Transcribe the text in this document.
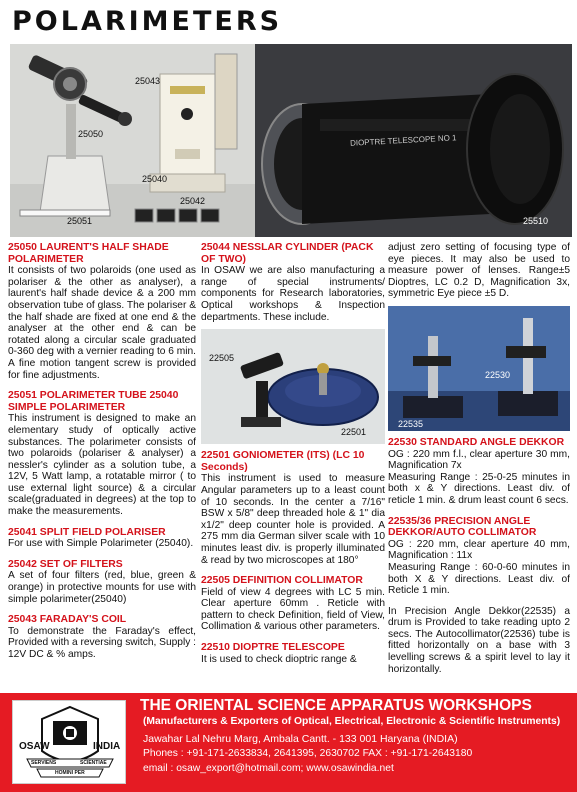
POLARIMETERS
25043
25050
25040
25051
25042
25510
DIOPTRE TELESCOPE NO 1
25050 LAURENT'S HALF SHADE POLARIMETER
It consists of two polaroids (one used as polariser & the other as analyser), a laurent's half shade device & a 200 mm observation tube of glass. The polariser & the half shade are fixed at one end & the analyser at the other end & can be rotated along a circular scale graduated 0-360 deg with a vernier reading to 6 min. A fine motion tangent screw is provided for fine adjustments.
25051 POLARIMETER TUBE 25040 SIMPLE POLARIMETER
This instrument is designed to make an elementary study of optically active substances. The polarimeter consists of two polaroids (polariser & analyser) a nessler's cylinder as a solution tube, a 12V, 5 Watt lamp, a rotatable mirror ( to use external light source) & a circular scale(graduated in degrees) at the top to make the measurements.
25041 SPLIT FIELD POLARISER
For use with Simple Polarimeter (25040).
25042 SET OF FILTERS
A set of four filters (red, blue, green & orange) in protective mounts for use with simple polarimeter(25040)
25043 FARADAY'S COIL
To demonstrate the Faraday's effect, Provided with a reversing switch, Supply : 12V DC & % amps.
25044 NESSLAR CYLINDER (PACK OF TWO)
In OSAW we are also manufacturing a range of special instruments/ components for Research laboratories, Optical workshops & Inspection departments. These include.
22505
22501
22501 GONIOMETER (ITS) (LC 10 Seconds)
This instrument is used to measure Angular parameters up to a least count of 10 seconds. In the center a 7/16" BSW x 5/8" deep threaded hole & 1" dia x1/2" deep counter hole is provided. A 275 mm dia German silver scale with 10 minutes least div. is properly illuminated & read by two microscopes at 180°
22505 DEFINITION COLLIMATOR
Field of view 4 degrees with LC 5 min. Clear aperture 60mm . Reticle with pattern to check Definition, field of View, Collimation & various other parameters.
22510 DIOPTRE TELESCOPE
It is used to check dioptric range &
adjust zero setting of focusing type of eye pieces. It may also be used to measure power of lenses. Range±5 Dioptres, LC 0.2 D, Magnification 3x, symmetric Eye piece ±5 D.
22530
22535
22530 STANDARD ANGLE DEKKOR
OG : 220 mm f.l., clear aperture 30 mm, Magnification 7x
Measuring Range : 25-0-25 minutes in both x & Y directions. Least div. of reticle 1 min. & drum least count 6 secs.
22535/36 PRECISION ANGLE DEKKOR/AUTO COLLIMATOR
OG : 220 mm, clear aperture 40 mm, Magnification : 11x
Measuring Range : 60-0-60 minutes in both X & Y directions. Least div. of Reticle 1 min.
In Precision Angle Dekkor(22535) a drum is Provided to take reading upto 2 secs. The Autocollimator(22536) tube is fitted horizontally on a base with 3 levelling screws & a spirit level to lay it horizontally.
OSAW	INDIA
SERVIENS	SCIENTIAE
HOMINI PER
THE ORIENTAL SCIENCE APPARATUS WORKSHOPS
(Manufacturers & Exporters of Optical, Electrical, Electronic & Scientific Instruments)
Jawahar Lal Nehru Marg, Ambala Cantt. - 133 001 Haryana (INDIA)
Phones : +91-171-2633834, 2641395, 2630702 FAX : +91-171-2643180
email : osaw_export@hotmail.com; www.osawindia.net
